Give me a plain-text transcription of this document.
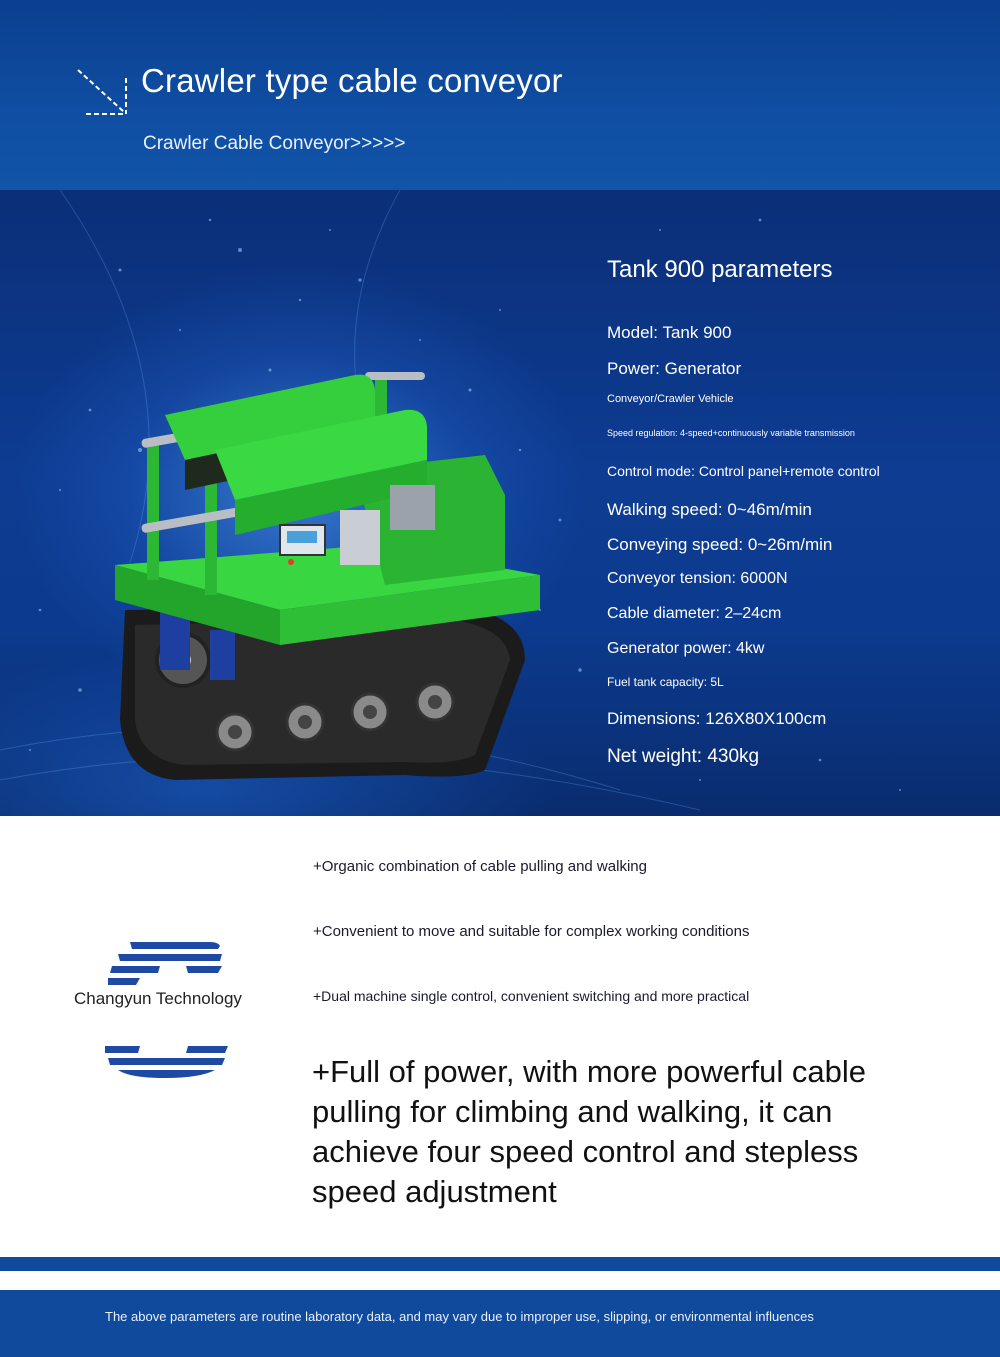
Crawler type cable conveyor
Crawler Cable Conveyor>>>>>
Tank 900 parameters
Model: Tank 900
Power: Generator
Conveyor/Crawler Vehicle
Speed regulation: 4-speed+continuously variable transmission
Control mode: Control panel+remote control
Walking speed: 0~46m/min
Conveying speed: 0~26m/min
Conveyor tension: 6000N
Cable diameter: 2–24cm
Generator power: 4kw
Fuel tank capacity: 5L
Dimensions: 126X80X100cm
Net weight: 430kg
Changyun Technology
+Organic combination of cable pulling and walking
+Convenient to move and suitable for complex working conditions
+Dual machine single control, convenient switching and more practical
+Full of power, with more powerful cable pulling for climbing and walking, it can achieve four speed control and stepless speed adjustment
The above parameters are routine laboratory data, and may vary due to improper use, slipping, or environmental influences
